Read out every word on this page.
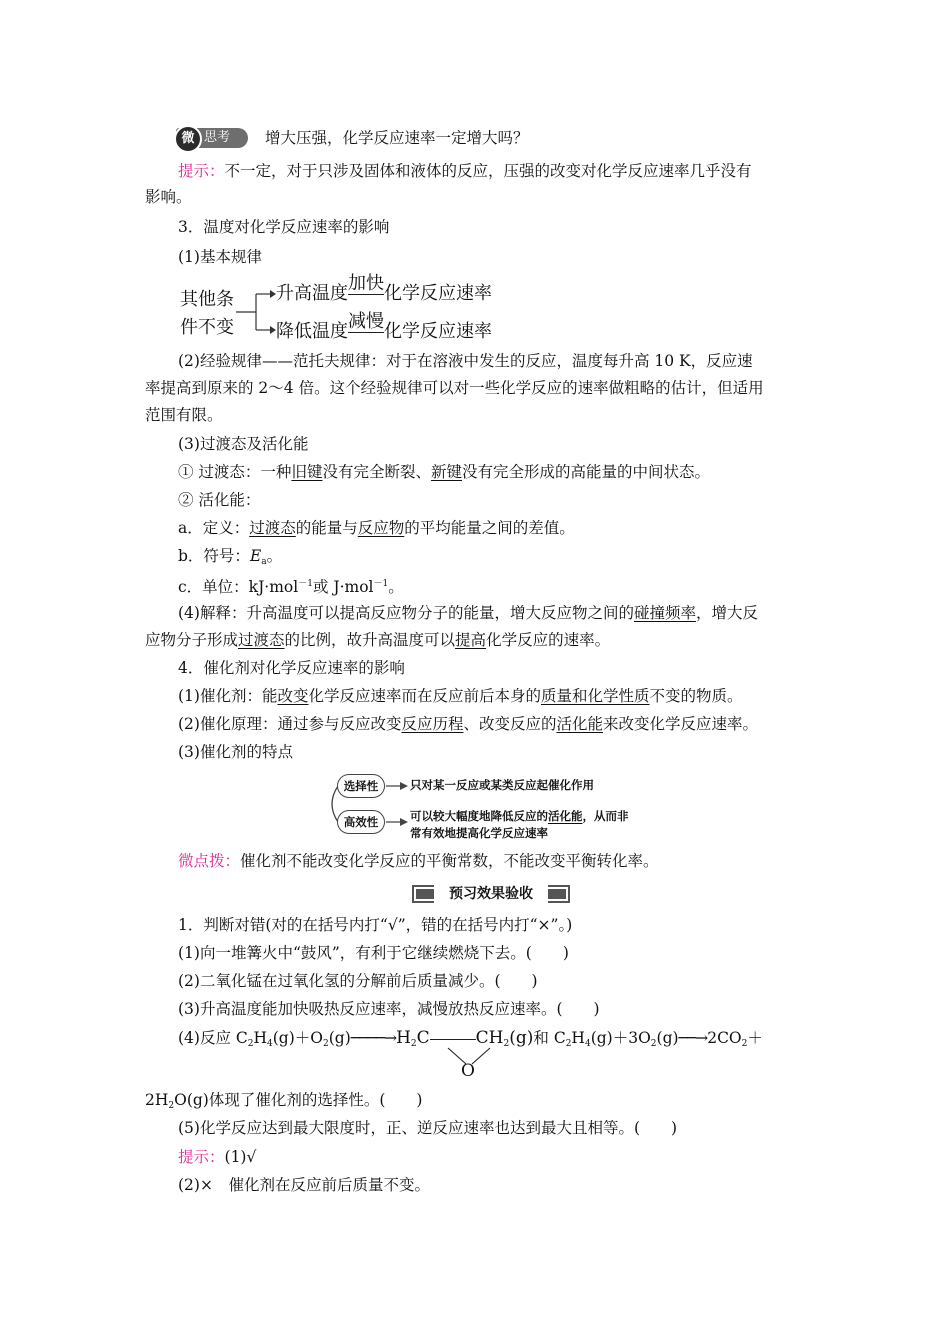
微 思考 增大压强，化学反应速率一定增大吗？
提示：不一定，对于只涉及固体和液体的反应，压强的改变对化学反应速率几乎没有
影响。
3．温度对化学反应速率的影响
(1)基本规律
其他条
件不变
升高温度加快化学反应速率
降低温度减慢化学反应速率
(2)经验规律——范托夫规律：对于在溶液中发生的反应，温度每升高 10 K，反应速
率提高到原来的 2～4 倍。这个经验规律可以对一些化学反应的速率做粗略的估计，但适用
范围有限。
(3)过渡态及活化能
① 过渡态：一种旧键没有完全断裂、新键没有完全形成的高能量的中间状态。
② 活化能：
a．定义：过渡态的能量与反应物的平均能量之间的差值。
b．符号：$E_a$。
c．单位：kJ·mol$^{-1}$或 J·mol$^{-1}$。
(4)解释：升高温度可以提高反应物分子的能量，增大反应物之间的碰撞频率，增大反
应物分子形成过渡态的比例，故升高温度可以提高化学反应的速率。
4．催化剂对化学反应速率的影响
(1)催化剂：能改变化学反应速率而在反应前后本身的质量和化学性质不变的物质。
(2)催化原理：通过参与反应改变反应历程、改变反应的活化能来改变化学反应速率。
(3)催化剂的特点
选择性
高效性
只对某一反应或某类反应起催化作用
可以较大幅度地降低反应的活化能，从而非
常有效地提高化学反应速率
微点拨：催化剂不能改变化学反应的平衡常数，不能改变平衡转化率。
预习效果验收
1．判断对错(对的在括号内打“√”，错的在括号内打“×”。)
(1)向一堆篝火中“鼓风”，有利于它继续燃烧下去。(　　)
(2)二氧化锰在过氧化氢的分解前后质量减少。(　　)
(3)升高温度能加快吸热反应速率，减慢放热反应速率。(　　)
(4)反应 $C_2H_4(g)+O_2(g)────\to H_2C$	$CH_2(g)$和 $C_2H_4(g)+3O_2(g)──\to 2CO_2+$
O
$2H_2O(g)$体现了催化剂的选择性。(　　)
(5)化学反应达到最大限度时，正、逆反应速率也达到最大且相等。(　　)
提示：(1)√
(2)×　催化剂在反应前后质量不变。
